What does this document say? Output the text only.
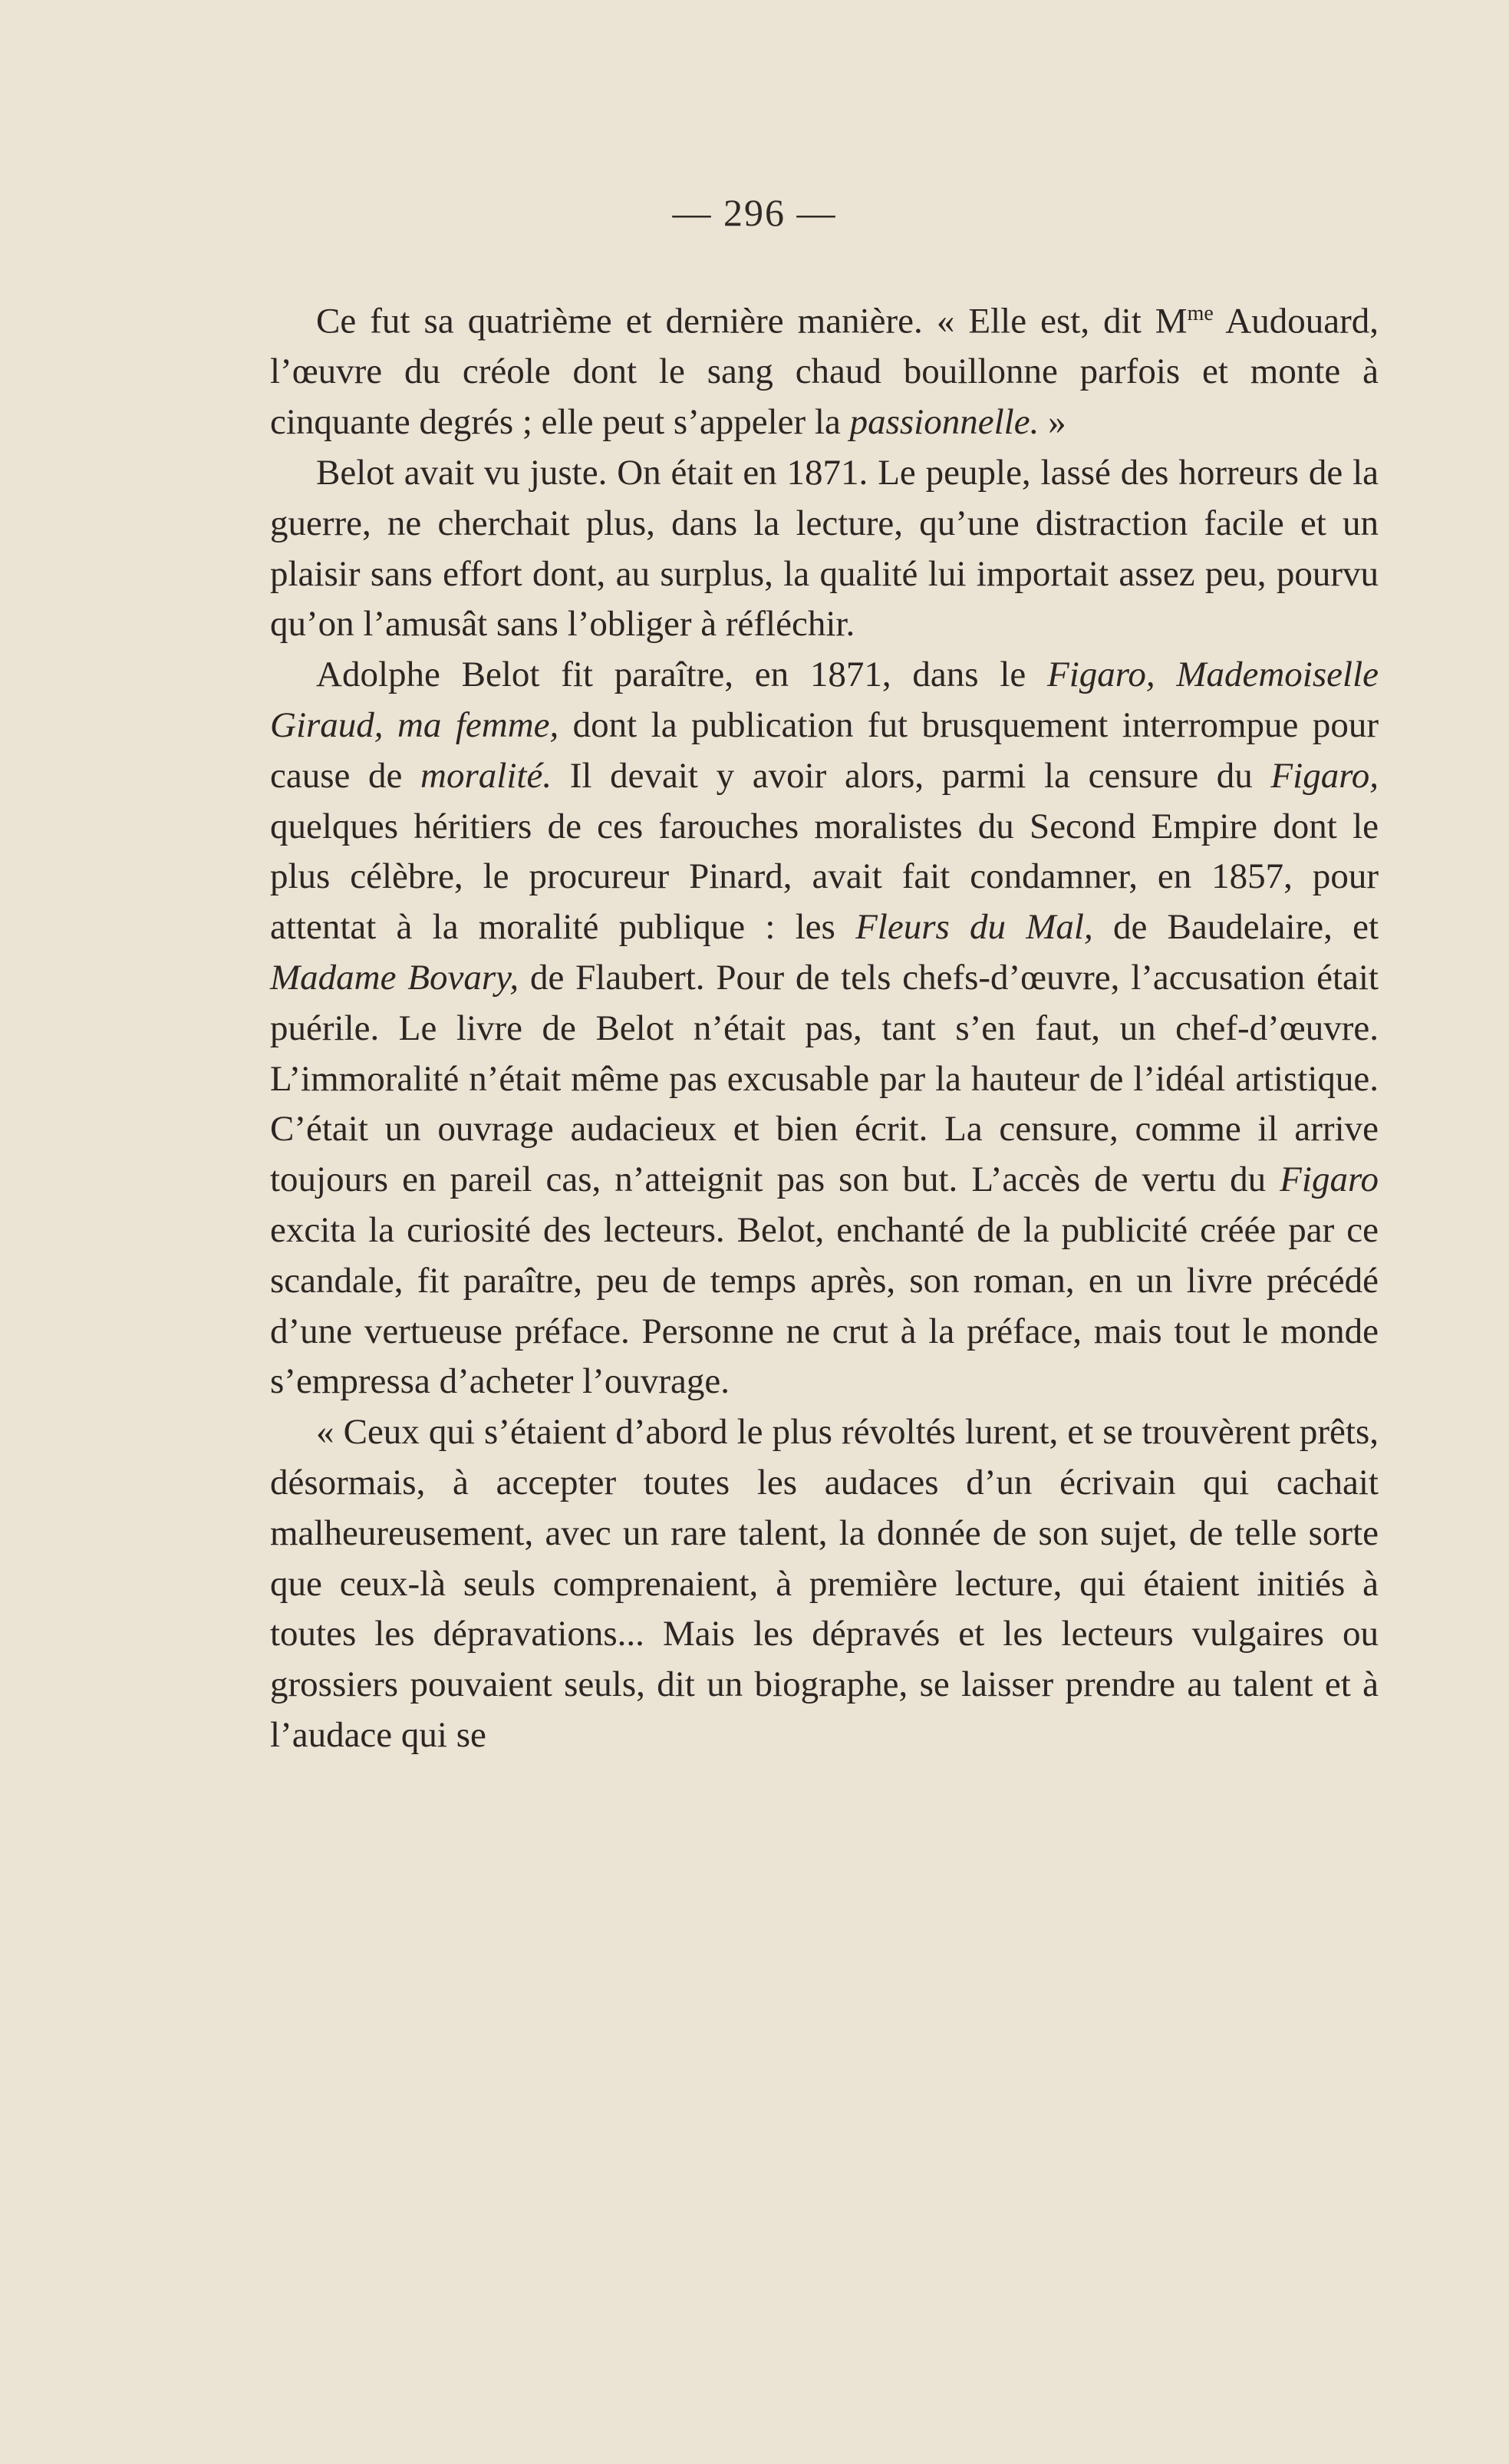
— 296 —

Ce fut sa quatrième et dernière manière. « Elle est, dit $M^{me}$ Audouard, l’œuvre du créole dont le sang chaud bouillonne parfois et monte à cinquante degrés ; elle peut s’appeler la passionnelle. »

Belot avait vu juste. On était en 1871. Le peuple, lassé des horreurs de la guerre, ne cherchait plus, dans la lecture, qu’une distraction facile et un plaisir sans effort dont, au surplus, la qualité lui importait assez peu, pourvu qu’on l’amusât sans l’obliger à réfléchir.

Adolphe Belot fit paraître, en 1871, dans le Figaro, Mademoiselle Giraud, ma femme, dont la publication fut brusquement interrompue pour cause de moralité. Il devait y avoir alors, parmi la censure du Figaro, quelques héritiers de ces farouches moralistes du Second Empire dont le plus célèbre, le procureur Pinard, avait fait condamner, en 1857, pour attentat à la moralité publique : les Fleurs du Mal, de Baudelaire, et Madame Bovary, de Flaubert. Pour de tels chefs-d’œuvre, l’accusation était puérile. Le livre de Belot n’était pas, tant s’en faut, un chef-d’œuvre. L’immoralité n’était même pas excusable par la hauteur de l’idéal artistique. C’était un ouvrage audacieux et bien écrit. La censure, comme il arrive toujours en pareil cas, n’atteignit pas son but. L’accès de vertu du Figaro excita la curiosité des lecteurs. Belot, enchanté de la publicité créée par ce scandale, fit paraître, peu de temps après, son roman, en un livre précédé d’une vertueuse préface. Personne ne crut à la préface, mais tout le monde s’empressa d’acheter l’ouvrage.

« Ceux qui s’étaient d’abord le plus révoltés lurent, et se trouvèrent prêts, désormais, à accepter toutes les audaces d’un écrivain qui cachait malheureusement, avec un rare talent, la donnée de son sujet, de telle sorte que ceux-là seuls comprenaient, à première lecture, qui étaient initiés à toutes les dépravations... Mais les dépravés et les lecteurs vulgaires ou grossiers pouvaient seuls, dit un biographe, se laisser prendre au talent et à l’audace qui se
